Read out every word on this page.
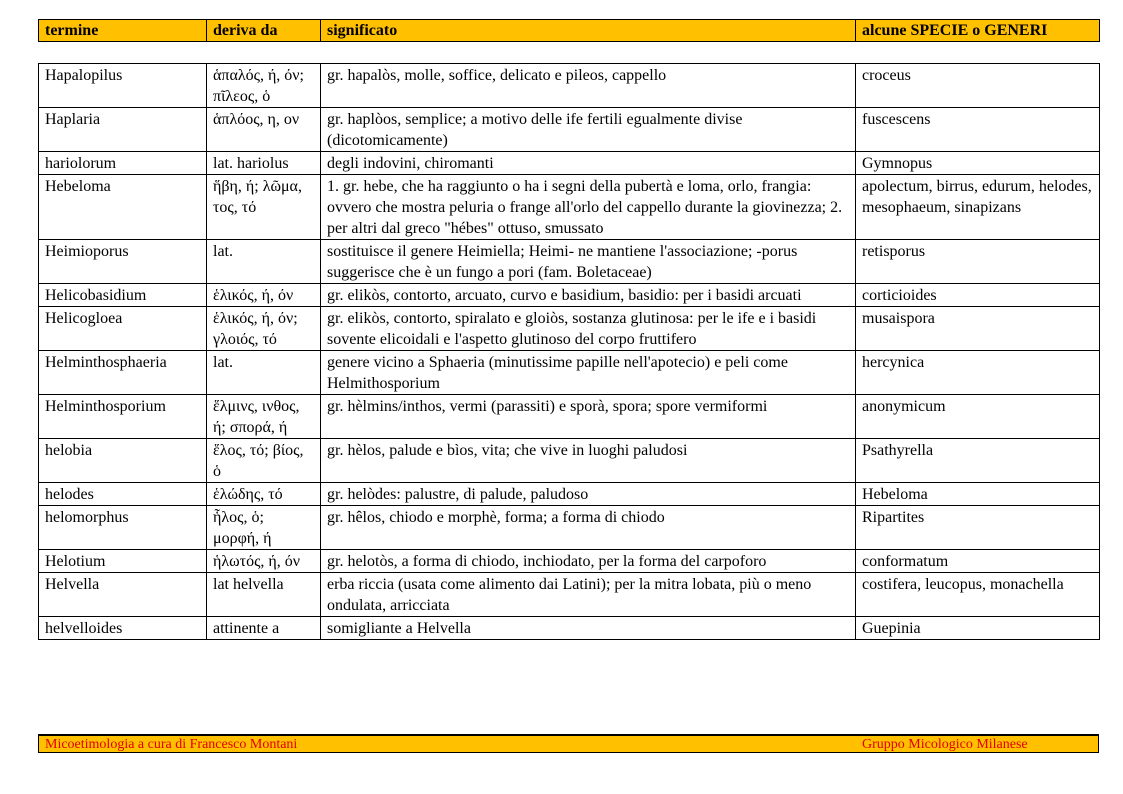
termine	deriva da	significato	alcune SPECIE o GENERI
Hapalopilus	ἁπαλός, ή, όν; πῖλεος, ὁ	gr. hapalòs, molle, soffice, delicato e pileos, cappello	croceus
Haplaria	ἁπλόος, η, ον	gr. haplòos, semplice; a motivo delle ife fertili egualmente divise (dicotomicamente)	fuscescens
hariolorum	lat. hariolus	degli indovini, chiromanti	Gymnopus
Hebeloma	ἥβη, ή; λῶμα, τος, τό	1. gr. hebe, che ha raggiunto o ha i segni della pubertà e loma, orlo, frangia: ovvero che mostra peluria o frange all'orlo del cappello durante la giovinezza; 2. per altri dal greco "hébes" ottuso, smussato	apolectum, birrus, edurum, helodes, mesophaeum, sinapizans
Heimioporus	lat.	sostituisce il genere Heimiella; Heimi- ne mantiene l'associazione; -porus suggerisce che è un fungo a pori (fam. Boletaceae)	retisporus
Helicobasidium	ἑλικός, ή, όν	gr. elikòs, contorto, arcuato, curvo e basidium, basidio: per i basidi arcuati	corticioides
Helicogloea	ἑλικός, ή, όν; γλοιός, τό	gr. elikòs, contorto, spiralato e gloiòs, sostanza glutinosa: per le ife e i basidi sovente elicoidali e l'aspetto glutinoso del corpo fruttifero	musaispora
Helminthosphaeria	lat.	genere vicino a Sphaeria (minutissime papille nell'apotecio) e peli come Helmithosporium	hercynica
Helminthosporium	ἕλμινς, ινθος, ή; σπορά, ή	gr. hèlmins/inthos, vermi (parassiti) e sporà, spora; spore vermiformi	anonymicum
helobia	ἕλος, τό; βίος, ὁ	gr. hèlos, palude e bìos, vita; che vive in luoghi paludosi	Psathyrella
helodes	ἑλώδης, τό	gr. helòdes: palustre, di palude, paludoso	Hebeloma
helomorphus	ἧλος, ὁ; μορφή, ή	gr. hêlos, chiodo e morphè, forma; a forma di chiodo	Ripartites
Helotium	ἡλωτός, ή, όν	gr. helotòs, a forma di chiodo, inchiodato, per la forma del carpoforo	conformatum
Helvella	lat helvella	erba riccia (usata come alimento dai Latini); per la mitra lobata, più o meno ondulata, arricciata	costifera, leucopus, monachella
helvelloides	attinente a	somigliante a Helvella	Guepinia
Micoetimologia a cura di Francesco Montani	Gruppo Micologico Milanese
